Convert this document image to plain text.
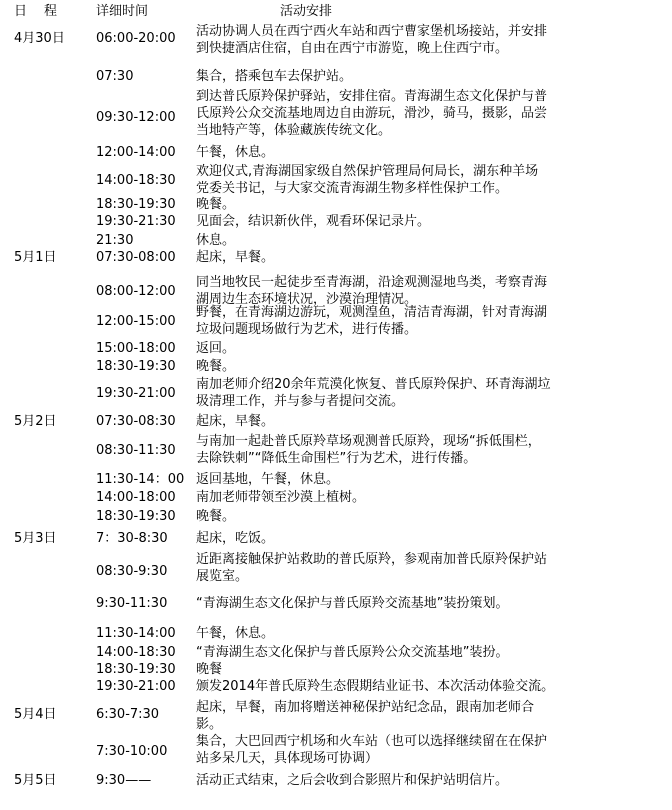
日　程	详细时间	活动安排
4月30日 06:00-20:00 活动协调人员在西宁西火车站和西宁曹家堡机场接站，并安排
到快捷酒店住宿，自由在西宁市游览，晚上住西宁市。
07:30	集合，搭乘包车去保护站。
09:30-12:00
到达普氏原羚保护驿站，安排住宿。青海湖生态文化保护与普
氏原羚公众交流基地周边自由游玩，滑沙，骑马，摄影，品尝
当地特产等，体验藏族传统文化。
12:00-14:00 午餐，休息。
14:00-18:30
欢迎仪式,青海湖国家级自然保护管理局何局长，湖东种羊场
党委关书记，与大家交流青海湖生物多样性保护工作。
18:30-19:30 晚餐。
19:30-21:30 见面会，结识新伙伴，观看环保记录片。
21:30	休息。
5月1日	07:30-08:00 起床，早餐。
08:00-12:00
同当地牧民一起徒步至青海湖，沿途观测湿地鸟类，考察青海
湖周边生态环境状况，沙漠治理情况。
12:00-15:00
野餐，在青海湖边游玩，观测湟鱼，清洁青海湖，针对青海湖
垃圾问题现场做行为艺术，进行传播。
15:00-18:00 返回。
18:30-19:30 晚餐。
19:30-21:00
南加老师介绍20余年荒漠化恢复、普氏原羚保护、环青海湖垃
圾清理工作，并与参与者提问交流。
5月2日	07:30-08:30 起床，早餐。
08:30-11:30
与南加一起赴普氏原羚草场观测普氏原羚，现场“拆低围栏，
去除铁刺”“降低生命围栏”行为艺术，进行传播。
11:30-14：00 返回基地，午餐，休息。
14:00-18:00 南加老师带领至沙漠上植树。
18:30-19:30 晚餐。
5月3日	7：30-8:30 起床，吃饭。
08:30-9:30
近距离接触保护站救助的普氏原羚，参观南加普氏原羚保护站
展览室。
9:30-11:30 “青海湖生态文化保护与普氏原羚交流基地”装扮策划。
11:30-14:00 午餐，休息。
14:00-18:30 “青海湖生态文化保护与普氏原羚公众交流基地”装扮。
18:30-19:30 晚餐
19:30-21:00 颁发2014年普氏原羚生态假期结业证书、本次活动体验交流。
5月4日	6:30-7:30	起床，早餐，南加将赠送神秘保护站纪念品，跟南加老师合
影。
7:30-10:00
集合，大巴回西宁机场和火车站（也可以选择继续留在在保护
站多呆几天，具体现场可协调）
5月5日	9:30——	活动正式结束，之后会收到合影照片和保护站明信片。
